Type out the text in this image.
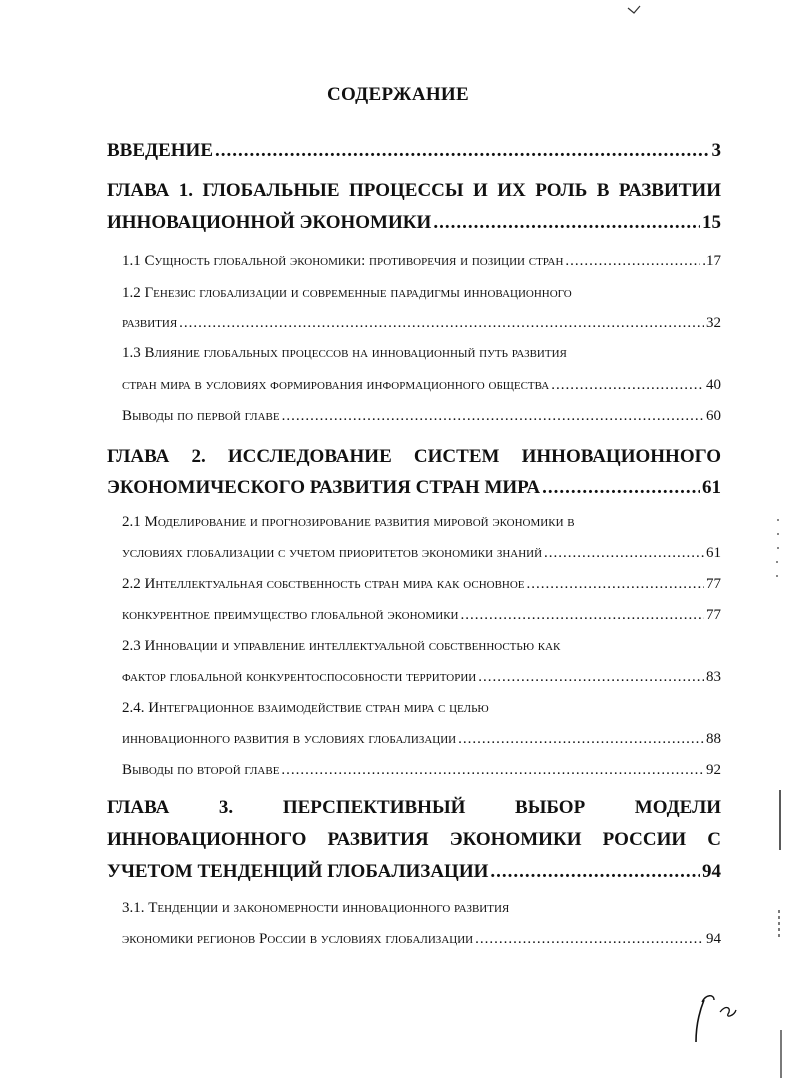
СОДЕРЖАНИЕ
ВВЕДЕНИЕ .....	3
ГЛАВА 1. ГЛОБАЛЬНЫЕ ПРОЦЕССЫ И ИХ РОЛЬ В РАЗВИТИИ
ИННОВАЦИОННОЙ ЭКОНОМИКИ .....	15
1.1 Сущность глобальной экономики: противоречия и позиции стран .....	.17
1.2 Генезис глобализации и современные парадигмы инновационного
развития .....	32
1.3 Влияние глобальных процессов на инновационный путь развития
стран мира в условиях формирования информационного общества .....	40
Выводы по первой главе .....	60
ГЛАВА 2. ИССЛЕДОВАНИЕ СИСТЕМ ИННОВАЦИОННОГО
ЭКОНОМИЧЕСКОГО РАЗВИТИЯ СТРАН МИРА .....	61
2.1 Моделирование и прогнозирование развития мировой экономики в
условиях глобализации с учетом приоритетов экономики знаний .....	61
2.2 Интеллектуальная собственность стран мира как основное .....	77
конкурентное преимущество глобальной экономики .....	77
2.3 Инновации и управление интеллектуальной собственностью как
фактор глобальной конкурентоспособности территории .....	83
2.4. Интеграционное взаимодействие стран мира с целью
инновационного развития в условиях глобализации .....	88
Выводы по второй главе .....	92
ГЛАВА 3. ПЕРСПЕКТИВНЫЙ ВЫБОР МОДЕЛИ
ИННОВАЦИОННОГО РАЗВИТИЯ ЭКОНОМИКИ РОССИИ С
УЧЕТОМ ТЕНДЕНЦИЙ ГЛОБАЛИЗАЦИИ .....	94
3.1. Тенденции и закономерности инновационного развития
экономики регионов России в условиях глобализации .....	94
